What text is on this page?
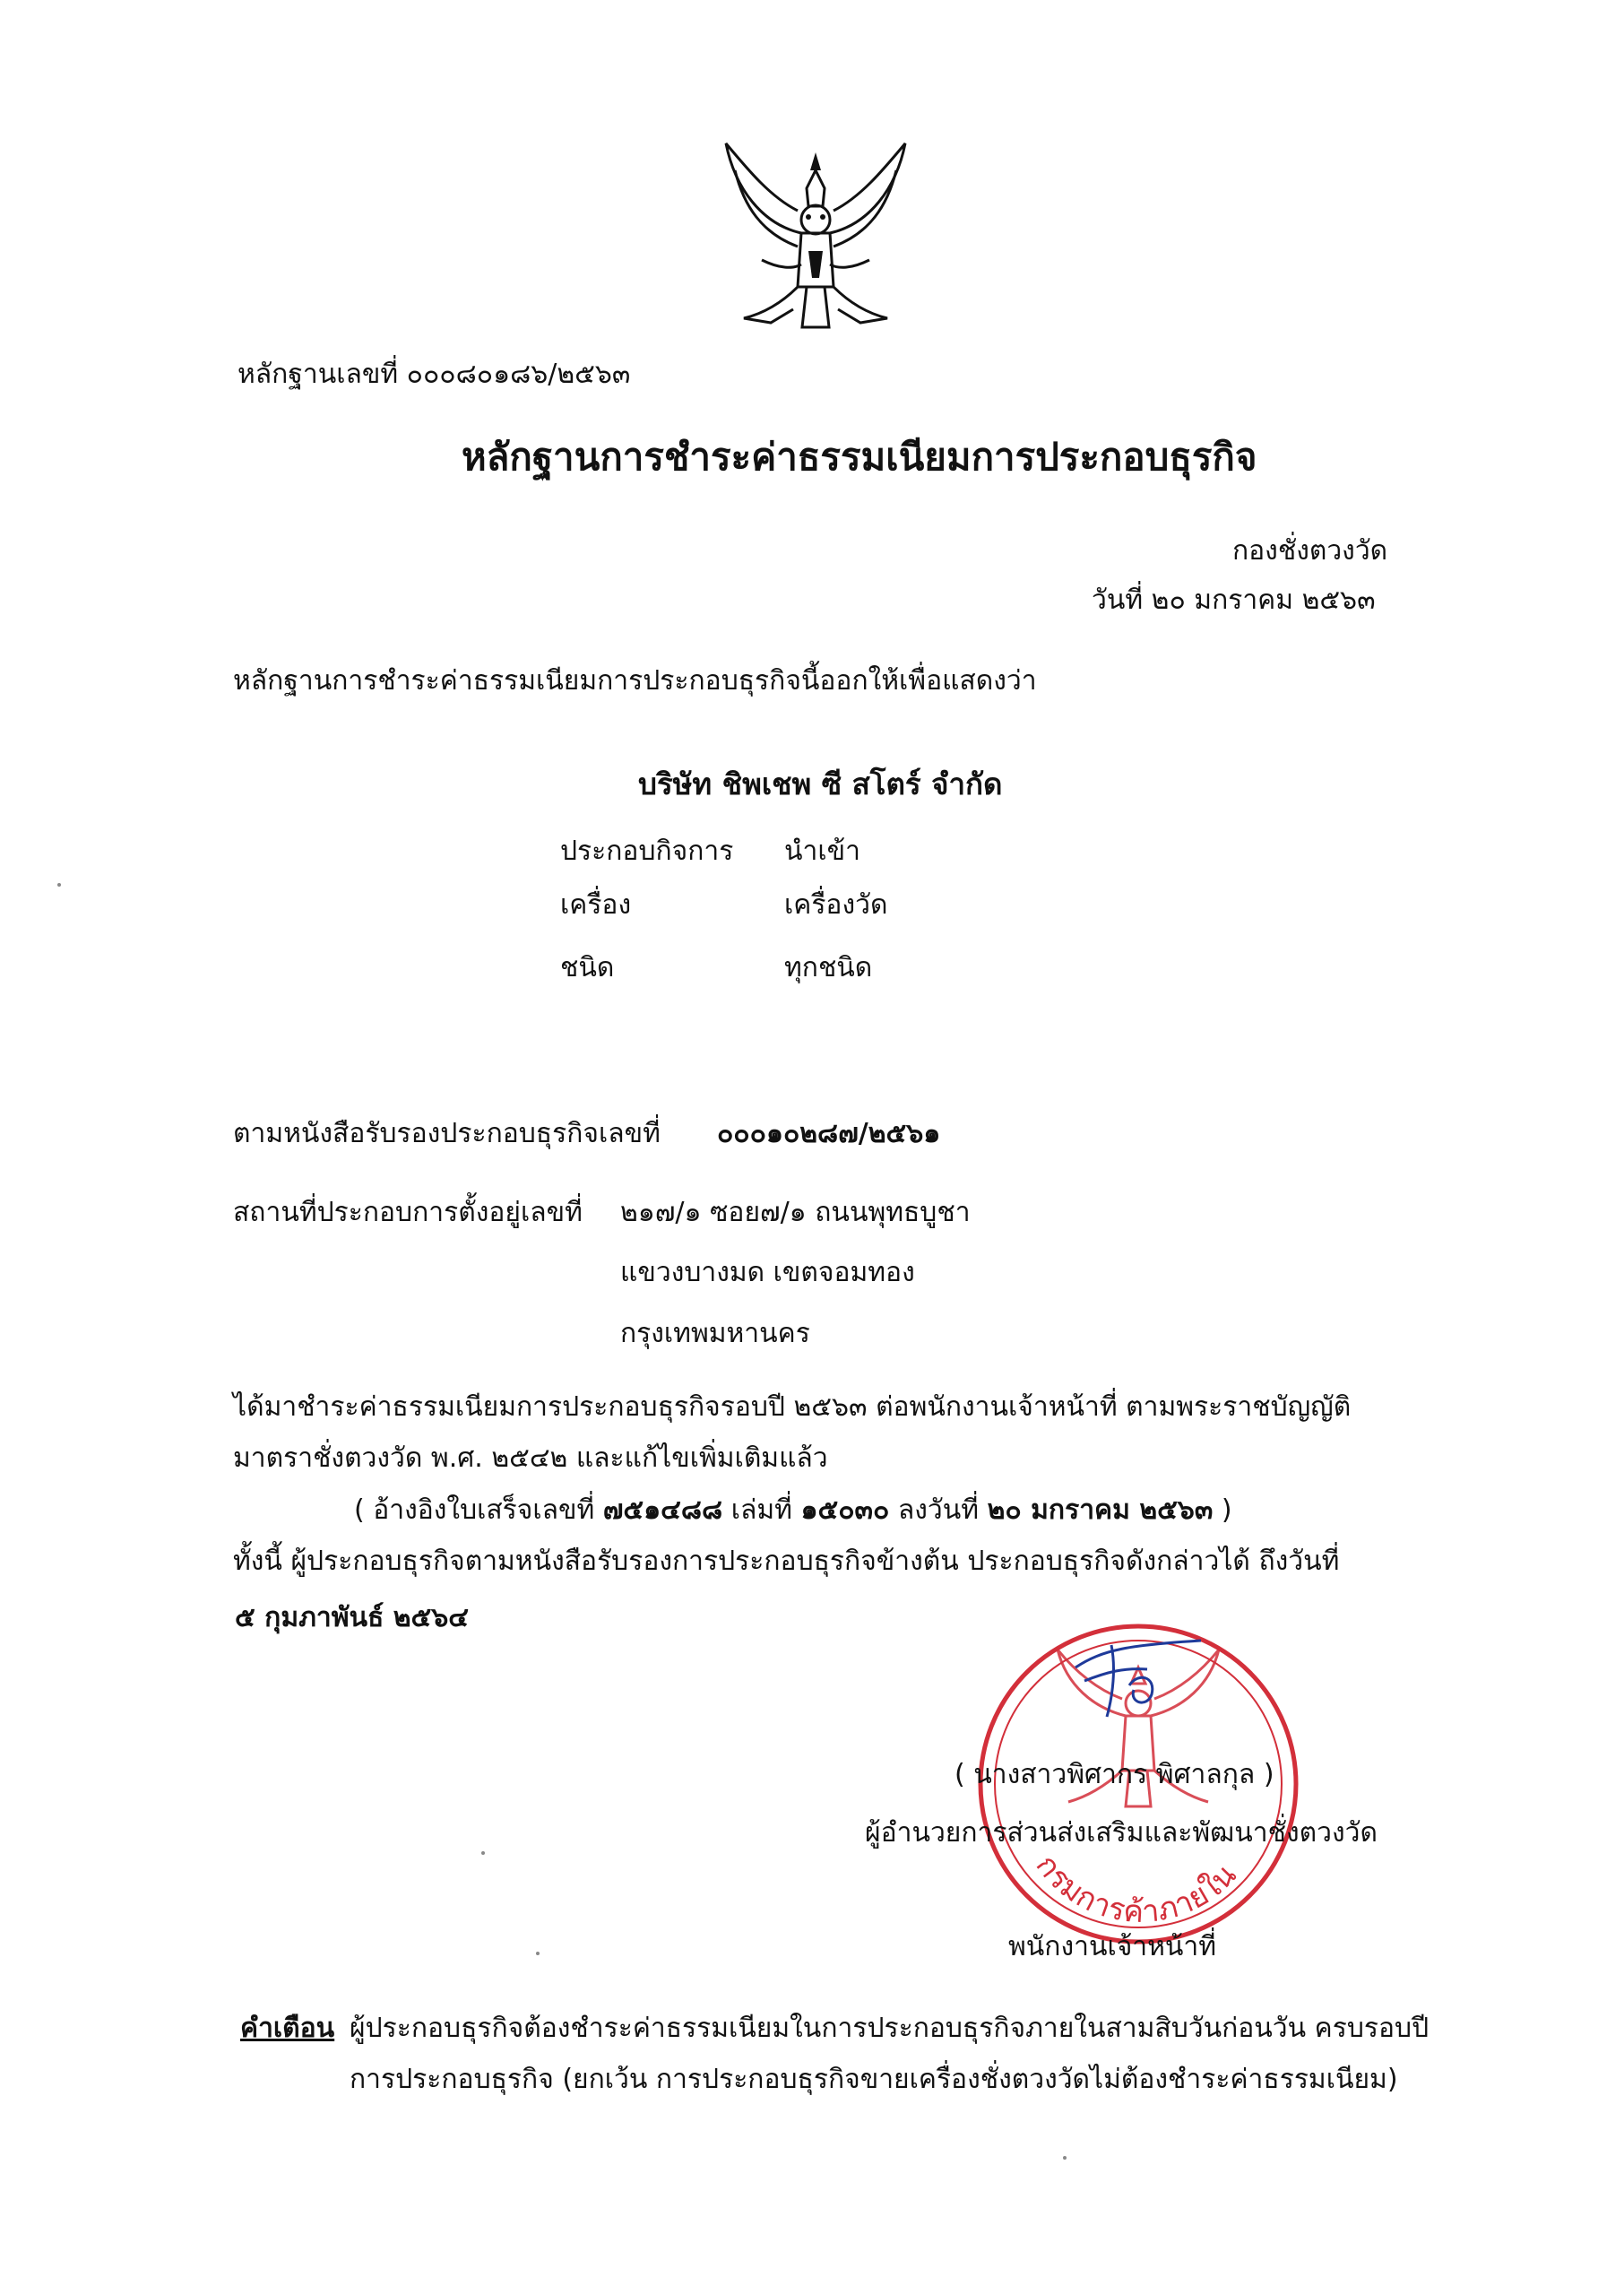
หลักฐานเลขที่ ๐๐๐๘๐๑๘๖/๒๕๖๓
หลักฐานการชำระค่าธรรมเนียมการประกอบธุรกิจ
กองชั่งตวงวัด
วันที่ ๒๐ มกราคม ๒๕๖๓
หลักฐานการชำระค่าธรรมเนียมการประกอบธุรกิจนี้ออกให้เพื่อแสดงว่า
บริษัท ชิพเชพ ซี สโตร์ จำกัด
ประกอบกิจการ นำเข้า
เครื่อง	เครื่องวัด
ชนิด	ทุกชนิด
ตามหนังสือรับรองประกอบธุรกิจเลขที่ ๐๐๐๑๐๒๘๗/๒๕๖๑
สถานที่ประกอบการตั้งอยู่เลขที่ ๒๑๗/๑ ซอย๗/๑ ถนนพุทธบูชา
แขวงบางมด เขตจอมทอง
กรุงเทพมหานคร
ได้มาชำระค่าธรรมเนียมการประกอบธุรกิจรอบปี ๒๕๖๓ ต่อพนักงานเจ้าหน้าที่ ตามพระราชบัญญัติ
มาตราชั่งตวงวัด พ.ศ. ๒๕๔๒ และแก้ไขเพิ่มเติมแล้ว
( อ้างอิงใบเสร็จเลขที่ ๗๕๑๔๘๘ เล่มที่ ๑๕๐๓๐ ลงวันที่ ๒๐ มกราคม ๒๕๖๓ )
ทั้งนี้ ผู้ประกอบธุรกิจตามหนังสือรับรองการประกอบธุรกิจข้างต้น ประกอบธุรกิจดังกล่าวได้ ถึงวันที่
๕ กุมภาพันธ์ ๒๕๖๔
กรมการค้าภายใน
( นางสาวพิศากร พิศาลกุล )
ผู้อำนวยการส่วนส่งเสริมและพัฒนาชั่งตวงวัด
พนักงานเจ้าหน้าที่
คำเตือน ผู้ประกอบธุรกิจต้องชำระค่าธรรมเนียมในการประกอบธุรกิจภายในสามสิบวันก่อนวัน ครบรอบปี
การประกอบธุรกิจ (ยกเว้น การประกอบธุรกิจขายเครื่องชั่งตวงวัดไม่ต้องชำระค่าธรรมเนียม)
